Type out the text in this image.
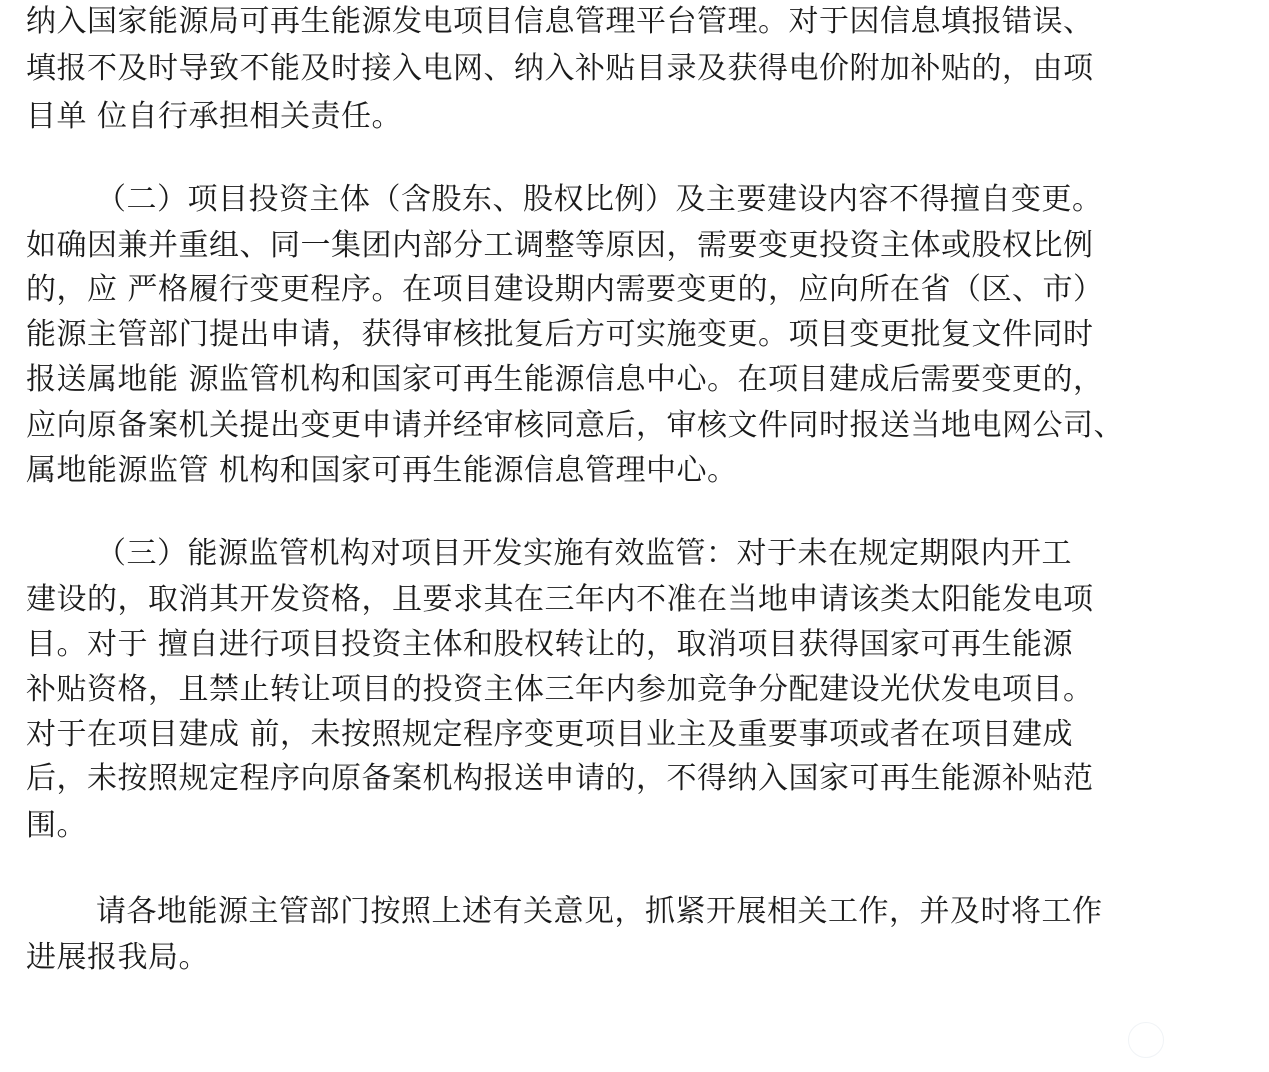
纳入国家能源局可再生能源发电项目信息管理平台管理。对于因信息填报错误、

填报不及时导致不能及时接入电网、纳入补贴目录及获得电价附加补贴的，由项

目单 位自行承担相关责任。

（二）项目投资主体（含股东、股权比例）及主要建设内容不得擅自变更。

如确因兼并重组、同一集团内部分工调整等原因，需要变更投资主体或股权比例

的，应 严格履行变更程序。在项目建设期内需要变更的，应向所在省（区、市）

能源主管部门提出申请，获得审核批复后方可实施变更。项目变更批复文件同时

报送属地能 源监管机构和国家可再生能源信息中心。在项目建成后需要变更的，

应向原备案机关提出变更申请并经审核同意后，审核文件同时报送当地电网公司、

属地能源监管 机构和国家可再生能源信息管理中心。

（三）能源监管机构对项目开发实施有效监管：对于未在规定期限内开工

建设的，取消其开发资格，且要求其在三年内不准在当地申请该类太阳能发电项

目。对于 擅自进行项目投资主体和股权转让的，取消项目获得国家可再生能源

补贴资格，且禁止转让项目的投资主体三年内参加竞争分配建设光伏发电项目。

对于在项目建成 前，未按照规定程序变更项目业主及重要事项或者在项目建成

后，未按照规定程序向原备案机构报送申请的，不得纳入国家可再生能源补贴范

围。

请各地能源主管部门按照上述有关意见，抓紧开展相关工作，并及时将工作

进展报我局。
